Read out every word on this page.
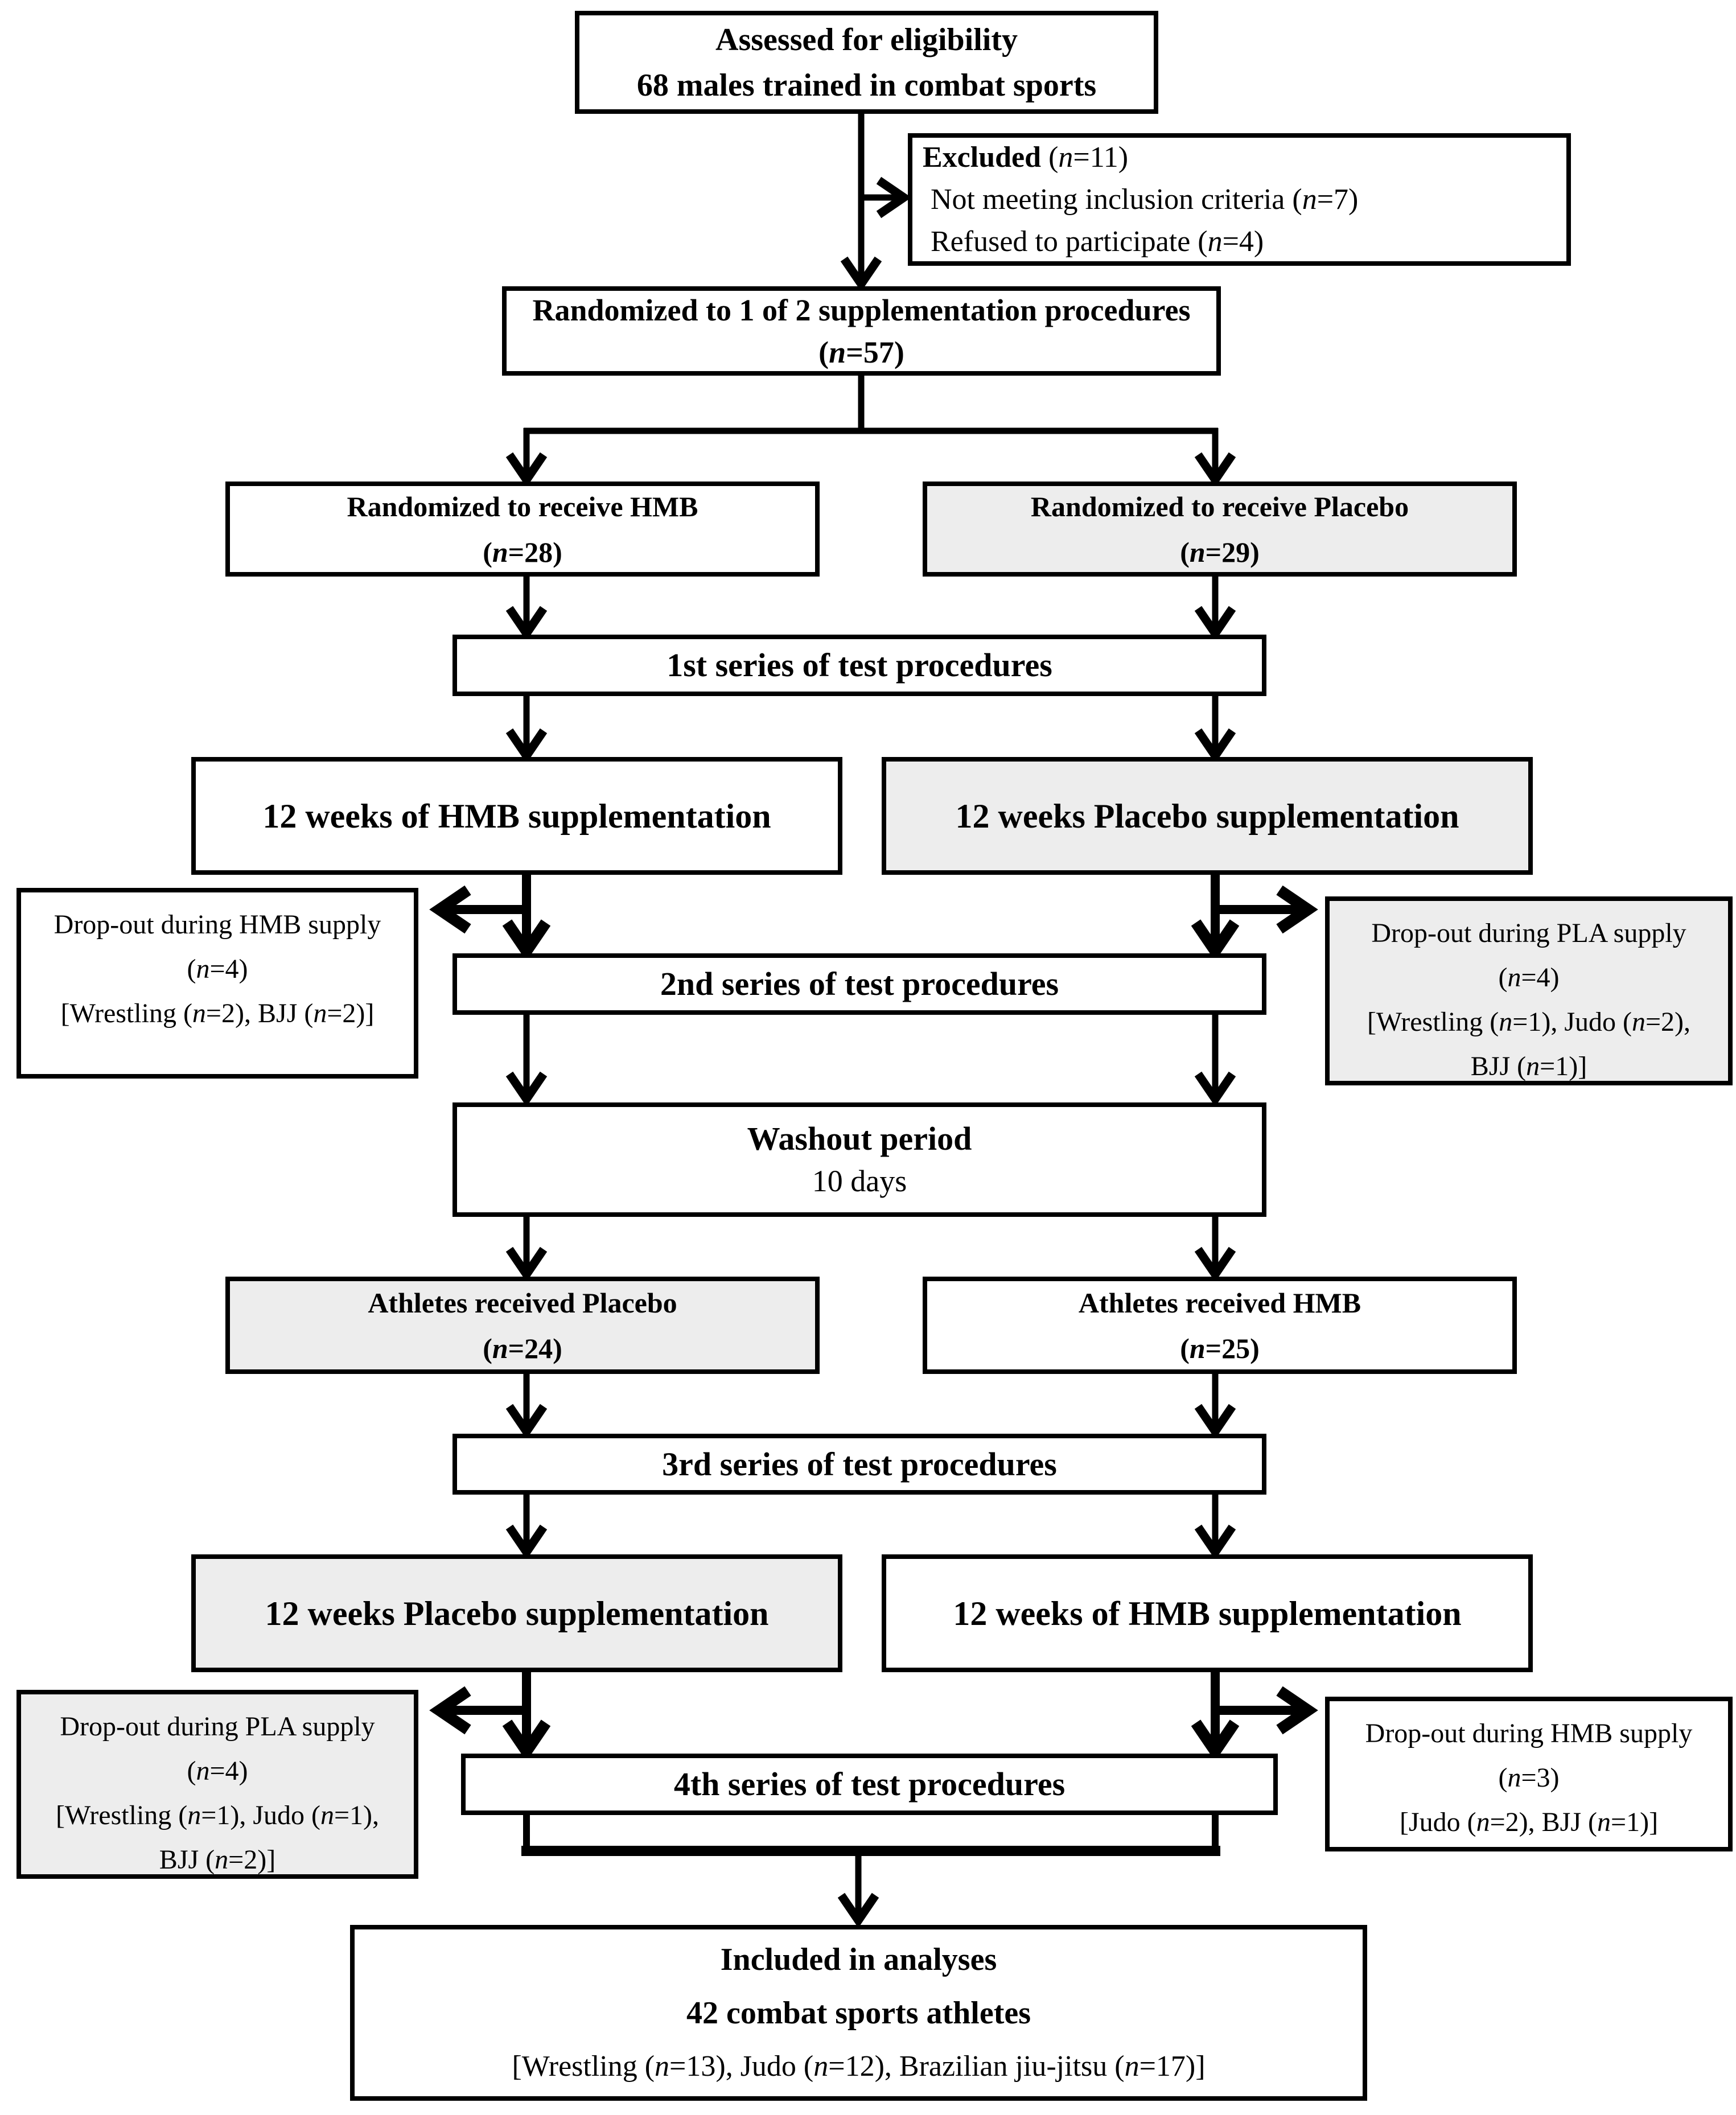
Assessed for eligibility
68 males trained in combat sports
Excluded (n=11)
Not meeting inclusion criteria (n=7)
Refused to participate (n=4)
Randomized to 1 of 2 supplementation procedures
(n=57)
Randomized to receive HMB
(n=28)
Randomized to receive Placebo
(n=29)
1st series of test procedures
12 weeks of HMB supplementation	12 weeks Placebo supplementation
Drop-out during HMB supply
(n=4)
[Wrestling (n=2), BJJ (n=2)]
2nd series of test procedures
Drop-out during PLA supply
(n=4)
[Wrestling (n=1), Judo (n=2),
BJJ (n=1)]
Washout period
10 days
Athletes received Placebo
(n=24)
Athletes received HMB
(n=25)
3rd series of test procedures
12 weeks Placebo supplementation	12 weeks of HMB supplementation
Drop-out during PLA supply
(n=4)
[Wrestling (n=1), Judo (n=1),
BJJ (n=2)]
4th series of test procedures
Drop-out during HMB supply
(n=3)
[Judo (n=2), BJJ (n=1)]
Included in analyses
42 combat sports athletes
[Wrestling (n=13), Judo (n=12), Brazilian jiu-jitsu (n=17)]
